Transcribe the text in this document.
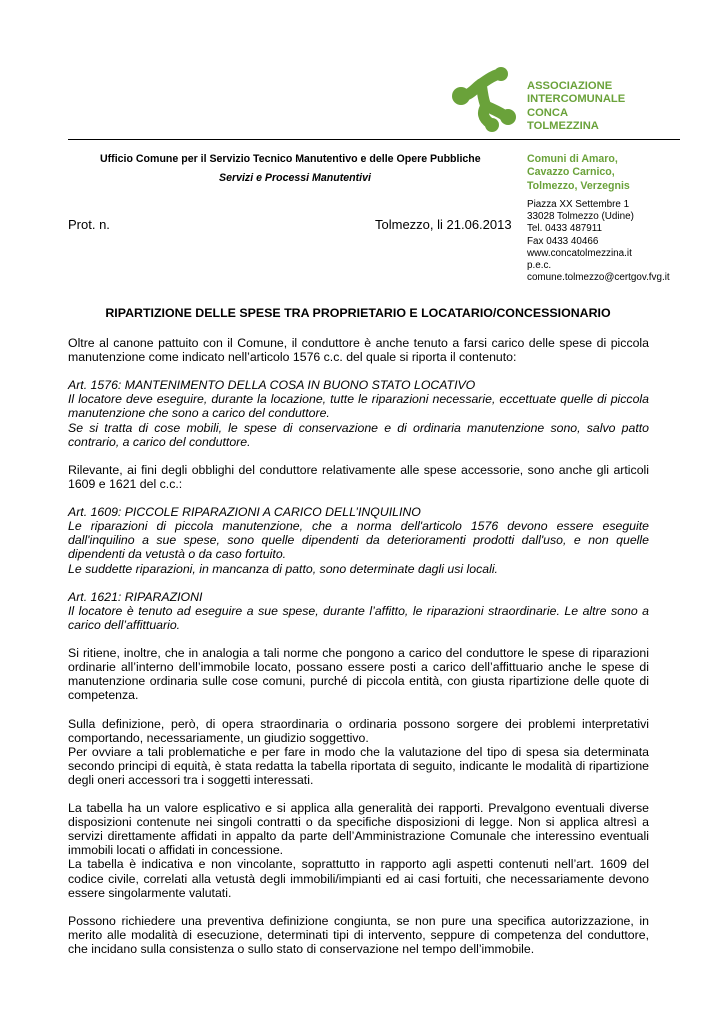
ASSOCIAZIONE
INTERCOMUNALE
CONCA
TOLMEZZINA
Ufficio Comune per il Servizio Tecnico Manutentivo e delle Opere Pubbliche
Servizi e Processi Manutentivi
Comuni di Amaro,
Cavazzo Carnico,
Tolmezzo, Verzegnis
Piazza XX Settembre 1
33028 Tolmezzo (Udine)
Tel. 0433 487911
Fax 0433 40466
www.concatolmezzina.it
p.e.c.
comune.tolmezzo@certgov.fvg.it
Prot. n.	Tolmezzo, li 21.06.2013
RIPARTIZIONE DELLE SPESE TRA PROPRIETARIO E LOCATARIO/CONCESSIONARIO

Oltre al canone pattuito con il Comune, il conduttore è anche tenuto a farsi carico delle spese di piccola manutenzione come indicato nell’articolo 1576 c.c. del quale si riporta il contenuto:

Art. 1576: MANTENIMENTO DELLA COSA IN BUONO STATO LOCATIVO
Il locatore deve eseguire, durante la locazione, tutte le riparazioni necessarie, eccettuate quelle di piccola manutenzione che sono a carico del conduttore.
Se si tratta di cose mobili, le spese di conservazione e di ordinaria manutenzione sono, salvo patto contrario, a carico del conduttore.

Rilevante, ai fini degli obblighi del conduttore relativamente alle spese accessorie, sono anche gli articoli 1609 e 1621 del c.c.:

Art. 1609: PICCOLE RIPARAZIONI A CARICO DELL’INQUILINO
Le riparazioni di piccola manutenzione, che a norma dell'articolo 1576 devono essere eseguite dall'inquilino a sue spese, sono quelle dipendenti da deterioramenti prodotti dall'uso, e non quelle dipendenti da vetustà o da caso fortuito.
Le suddette riparazioni, in mancanza di patto, sono determinate dagli usi locali.

Art. 1621: RIPARAZIONI
Il locatore è tenuto ad eseguire a sue spese, durante l’affitto, le riparazioni straordinarie. Le altre sono a carico dell’affittuario.

Si ritiene, inoltre, che in analogia a tali norme che pongono a carico del conduttore le spese di riparazioni ordinarie all’interno dell’immobile locato, possano essere posti a carico dell’affittuario anche le spese di manutenzione ordinaria sulle cose comuni, purché di piccola entità, con giusta ripartizione delle quote di competenza.

Sulla definizione, però, di opera straordinaria o ordinaria possono sorgere dei problemi interpretativi comportando, necessariamente, un giudizio soggettivo.
Per ovviare a tali problematiche e per fare in modo che la valutazione del tipo di spesa sia determinata secondo principi di equità, è stata redatta la tabella riportata di seguito, indicante le modalità di ripartizione degli oneri accessori tra i soggetti interessati.

La tabella ha un valore esplicativo e si applica alla generalità dei rapporti. Prevalgono eventuali diverse disposizioni contenute nei singoli contratti o da specifiche disposizioni di legge. Non si applica altresì a servizi direttamente affidati in appalto da parte dell’Amministrazione Comunale che interessino eventuali immobili locati o affidati in concessione.
La tabella è indicativa e non vincolante, soprattutto in rapporto agli aspetti contenuti nell’art. 1609 del codice civile, correlati alla vetustà degli immobili/impianti ed ai casi fortuiti, che necessariamente devono essere singolarmente valutati.

Possono richiedere una preventiva definizione congiunta, se non pure una specifica autorizzazione, in merito alle modalità di esecuzione, determinati tipi di intervento, seppure di competenza del conduttore, che incidano sulla consistenza o sullo stato di conservazione nel tempo dell’immobile.
